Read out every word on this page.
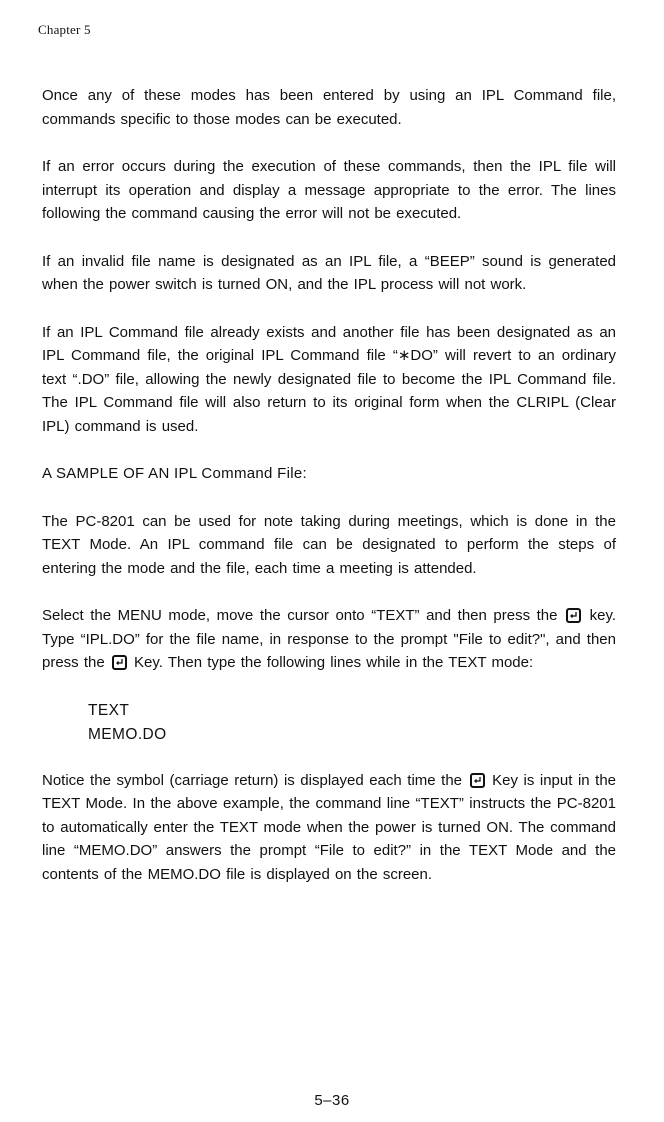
Chapter 5

Once any of these modes has been entered by using an IPL Command file, commands specific to those modes can be executed.

If an error occurs during the execution of these commands, then the IPL file will interrupt its operation and display a message appropriate to the error. The lines following the command causing the error will not be executed.

If an invalid file name is designated as an IPL file, a “BEEP” sound is generated when the power switch is turned ON, and the IPL process will not work.

If an IPL Command file already exists and another file has been designated as an IPL Command file, the original IPL Command file “∗DO” will revert to an ordinary text “.DO” file, allowing the newly designated file to become the IPL Command file. The IPL Command file will also return to its original form when the CLRIPL (Clear IPL) command is used.

A SAMPLE OF AN IPL Command File:

The PC-8201 can be used for note taking during meetings, which is done in the TEXT Mode. An IPL command file can be designated to perform the steps of entering the mode and the file, each time a meeting is attended.

Select the MENU mode, move the cursor onto “TEXT” and then press the key. Type “IPL.DO” for the file name, in response to the prompt "File to edit?", and then press the Key. Then type the following lines while in the TEXT mode:

TEXT
MEMO.DO

Notice the symbol (carriage return) is displayed each time the Key is input in the TEXT Mode. In the above example, the command line “TEXT” instructs the PC-8201 to automatically enter the TEXT mode when the power is turned ON. The command line “MEMO.DO” answers the prompt “File to edit?” in the TEXT Mode and the contents of the MEMO.DO file is displayed on the screen.

5–36
